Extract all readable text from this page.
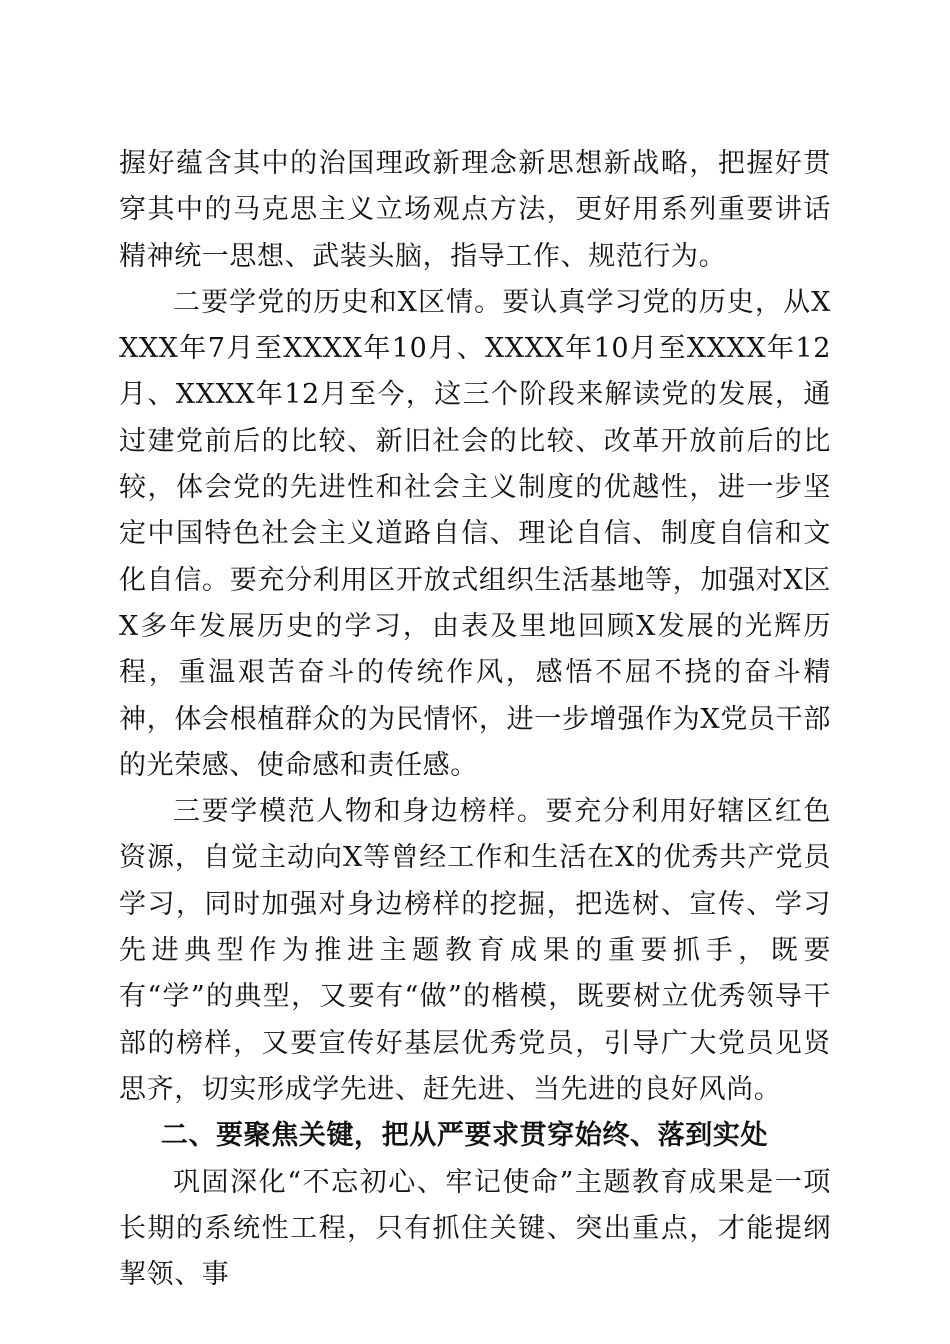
握好蕴含其中的治国理政新理念新思想新战略，把握好贯穿其中的马克思主义立场观点方法，更好用系列重要讲话精神统一思想、武装头脑，指导工作、规范行为。

二要学党的历史和X区情。要认真学习党的历史，从XXXX年7月至XXXX年10月、XXXX年10月至XXXX年12月、XXXX年12月至今，这三个阶段来解读党的发展，通过建党前后的比较、新旧社会的比较、改革开放前后的比较，体会党的先进性和社会主义制度的优越性，进一步坚定中国特色社会主义道路自信、理论自信、制度自信和文化自信。要充分利用区开放式组织生活基地等，加强对X区X多年发展历史的学习，由表及里地回顾X发展的光辉历程，重温艰苦奋斗的传统作风，感悟不屈不挠的奋斗精神，体会根植群众的为民情怀，进一步增强作为X党员干部的光荣感、使命感和责任感。

三要学模范人物和身边榜样。要充分利用好辖区红色资源，自觉主动向X等曾经工作和生活在X的优秀共产党员学习，同时加强对身边榜样的挖掘，把选树、宣传、学习先进典型作为推进主题教育成果的重要抓手，既要有“学”的典型，又要有“做”的楷模，既要树立优秀领导干部的榜样，又要宣传好基层优秀党员，引导广大党员见贤思齐，切实形成学先进、赶先进、当先进的良好风尚。

二、要聚焦关键，把从严要求贯穿始终、落到实处

巩固深化“不忘初心、牢记使命”主题教育成果是一项长期的系统性工程，只有抓住关键、突出重点，才能提纲挈领、事
